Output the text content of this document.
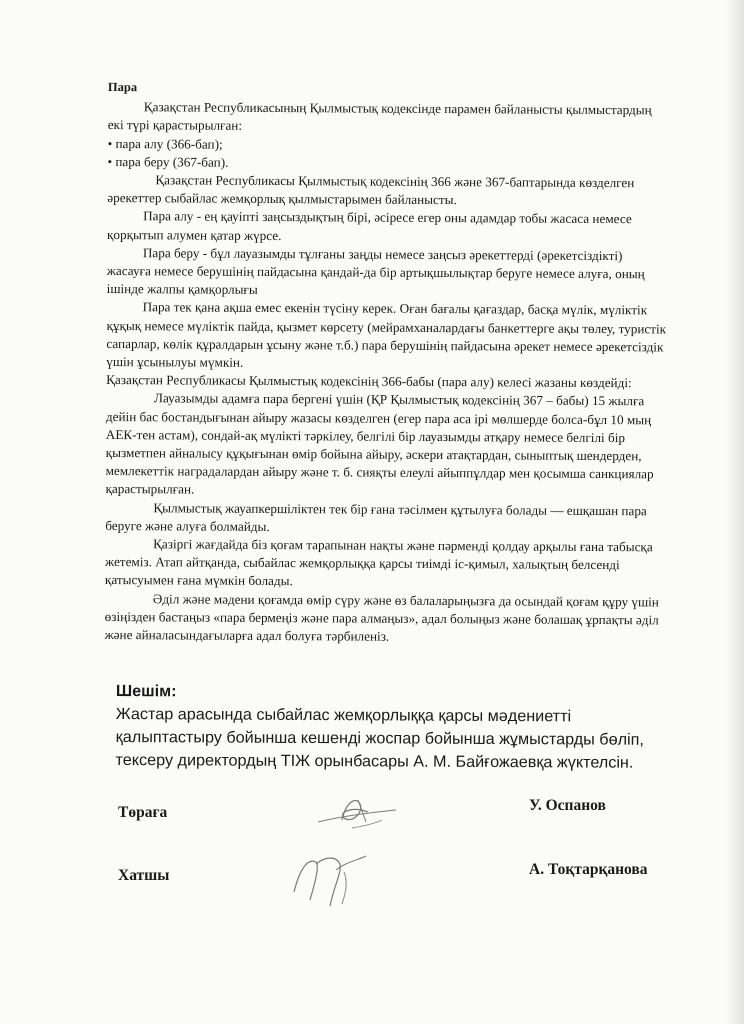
Пара

Қазақстан Республикасының Қылмыстық кодексінде парамен байланысты қылмыстардың екі түрі қарастырылған:

• пара алу (366-бап);

• пара беру (367-бап).

Қазақстан Республикасы Қылмыстық кодексінің 366 және 367-баптарында көзделген әрекеттер сыбайлас жемқорлық қылмыстарымен байланысты.

Пара алу - ең қауіпті заңсыздықтың бірі, әсіресе егер оны адамдар тобы жасаса немесе қорқытып алумен қатар жүрсе.

Пара беру - бұл лауазымды тұлғаны заңды немесе заңсыз әрекеттерді (әрекетсіздікті) жасауға немесе берушінің пайдасына қандай-да бір артықшылықтар беруге немесе алуға, оның ішінде жалпы қамқорлығы

Пара тек қана ақша емес екенін түсіну керек. Оған бағалы қағаздар, басқа мүлік, мүліктік құқық немесе мүліктік пайда, қызмет көрсету (мейрамханалардағы банкеттерге ақы төлеу, туристік сапарлар, көлік құралдарын ұсыну және т.б.) пара берушінің пайдасына әрекет немесе әрекетсіздік үшін ұсынылуы мүмкін.

Қазақстан Республикасы Қылмыстық кодексінің 366-бабы (пара алу) келесі жазаны көздейді:

Лауазымды адамға пара бергені үшін (ҚР Қылмыстық кодексінің 367 – бабы) 15 жылға дейін бас бостандығынан айыру жазасы көзделген (егер пара аса ірі мөлшерде болса-бұл 10 мың АЕК-тен астам), сондай-ақ мүлікті тәркілеу, белгілі бір лауазымды атқару немесе белгілі бір қызметпен айналысу құқығынан өмір бойына айыру, әскери атақтардан, сыныптық шендерден, мемлекеттік наградалардан айыру және т. б. сияқты елеулі айыппұлдар мен қосымша санкциялар қарастырылған.

Қылмыстық жауапкершіліктен тек бір ғана тәсілмен құтылуға болады — ешқашан пара беруге және алуға болмайды.

Қазіргі жағдайда біз қоғам тарапынан нақты және пәрменді қолдау арқылы ғана табысқа жетеміз. Атап айтқанда, сыбайлас жемқорлыққа қарсы тиімді іс-қимыл, халықтың белсенді қатысуымен ғана мүмкін болады.

Әділ және мәдени қоғамда өмір сүру және өз балаларыңызға да осындай қоғам құру үшін өзіңізден бастаңыз «пара бермеңіз және пара алмаңыз», адал болыңыз және болашақ ұрпақты әділ және айналасындағыларға адал болуға тәрбиленіз.

Шешім:
Жастар арасында сыбайлас жемқорлыққа қарсы мәдениетті қалыптастыру бойынша кешенді жоспар бойынша жұмыстарды бөліп, тексеру директордың ТІЖ орынбасары А. М. Байғожаевқа жүктелсін.
Төраға	У. Оспанов
Хатшы	А. Тоқтарқанова
